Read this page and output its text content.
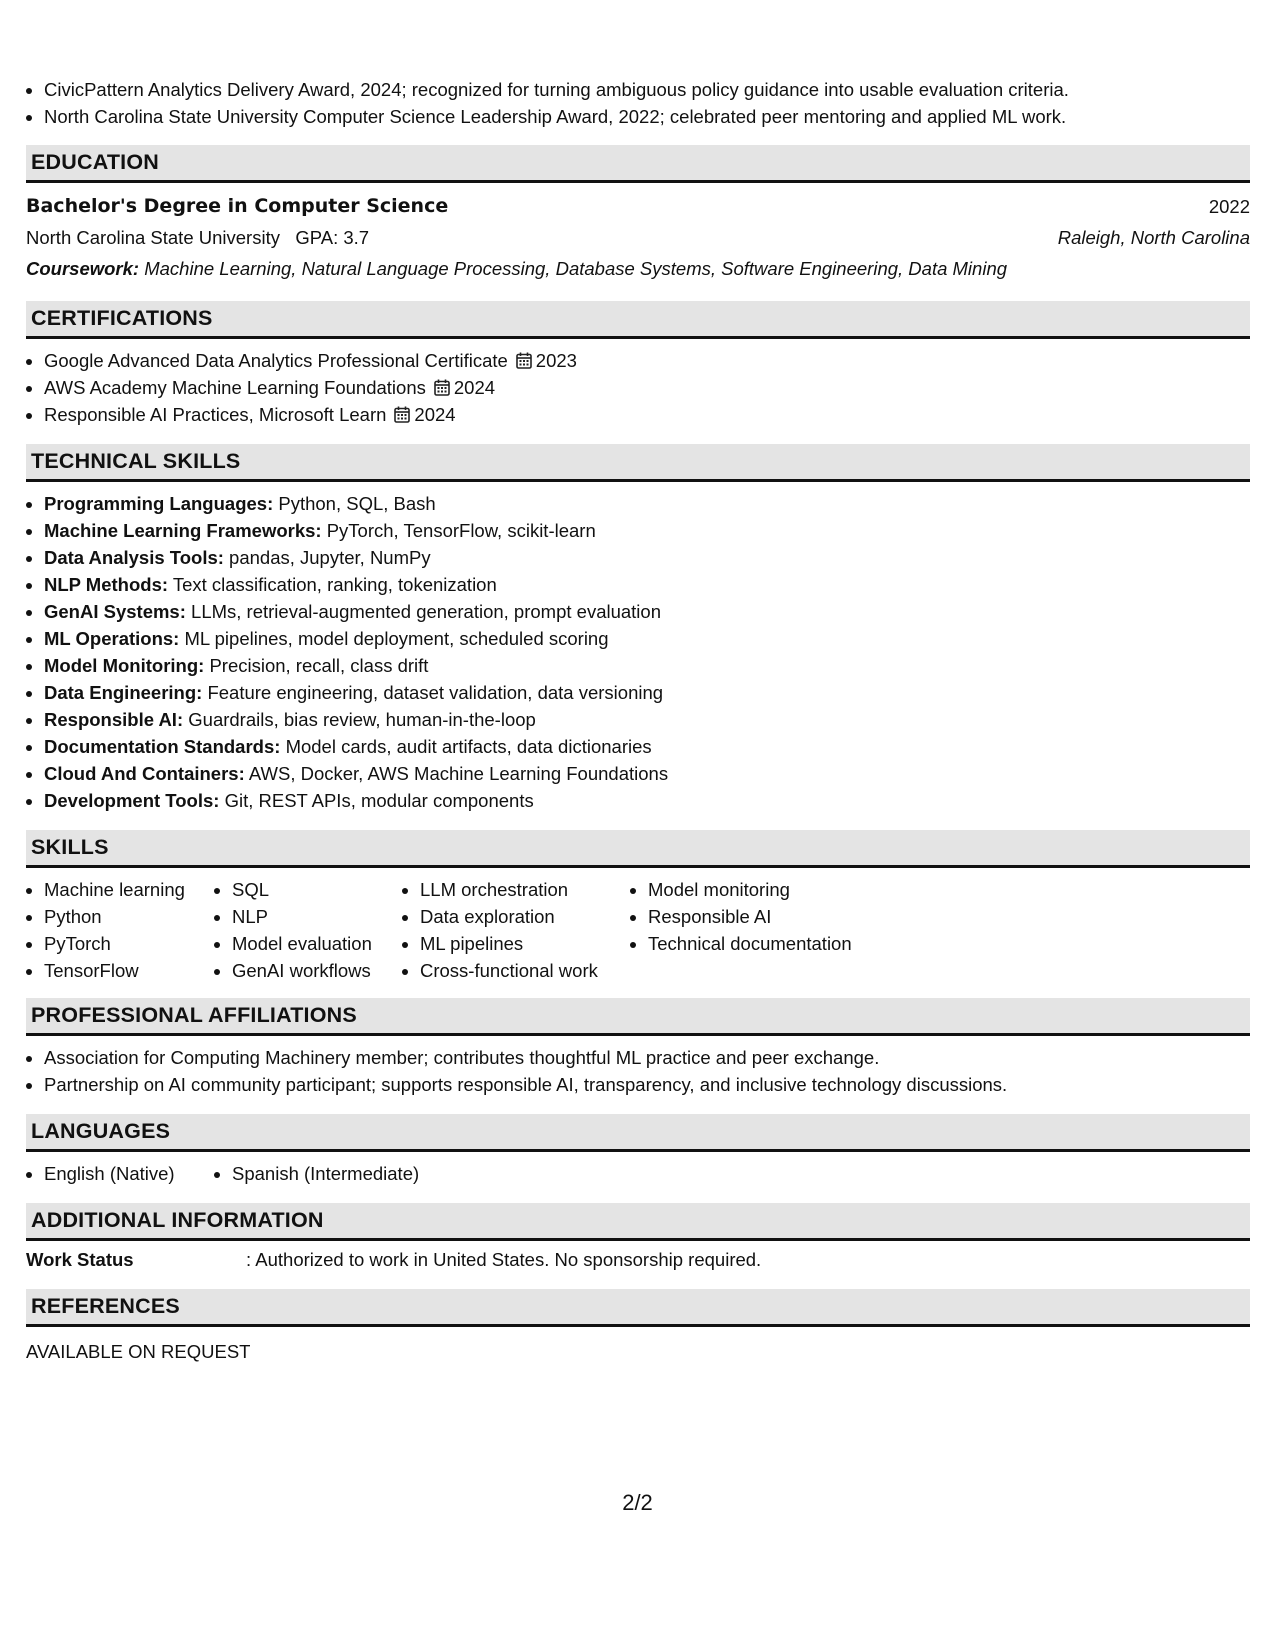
• CivicPattern Analytics Delivery Award, 2024; recognized for turning ambiguous policy guidance into usable evaluation criteria.
• North Carolina State University Computer Science Leadership Award, 2022; celebrated peer mentoring and applied ML work.
EDUCATION
Bachelor's Degree in Computer Science	2022
North Carolina State University GPA: 3.7	Raleigh, North Carolina
Coursework:
Machine Learning, Natural Language Processing, Database Systems, Software Engineering, Data Mining
CERTIFICATIONS
• Google Advanced Data Analytics Professional Certificate 2023
• AWS Academy Machine Learning Foundations 2024
• Responsible AI Practices, Microsoft Learn 2024
TECHNICAL SKILLS
• Programming Languages: Python, SQL, Bash
• Machine Learning Frameworks: PyTorch, TensorFlow, scikit-learn
• Data Analysis Tools: pandas, Jupyter, NumPy
• NLP Methods: Text classification, ranking, tokenization
• GenAI Systems: LLMs, retrieval-augmented generation, prompt evaluation
• ML Operations: ML pipelines, model deployment, scheduled scoring
• Model Monitoring: Precision, recall, class drift
• Data Engineering: Feature engineering, dataset validation, data versioning
• Responsible AI: Guardrails, bias review, human-in-the-loop
• Documentation Standards: Model cards, audit artifacts, data dictionaries
• Cloud And Containers: AWS, Docker, AWS Machine Learning Foundations
• Development Tools: Git, REST APIs, modular components
SKILLS
• Machine learning
• Python
• PyTorch
• TensorFlow
• SQL
• NLP
• Model evaluation
• GenAI workflows
• LLM orchestration
• Data exploration
• ML pipelines
• Cross-functional work
• Model monitoring
• Responsible AI
• Technical documentation
PROFESSIONAL AFFILIATIONS
• Association for Computing Machinery member; contributes thoughtful ML practice and peer exchange.
• Partnership on AI community participant; supports responsible AI, transparency, and inclusive technology discussions.
LANGUAGES
• English (Native)
•	Spanish (Intermediate)
ADDITIONAL INFORMATION
Work Status	: Authorized to work in United States. No sponsorship required.
REFERENCES
AVAILABLE ON REQUEST
2/2
